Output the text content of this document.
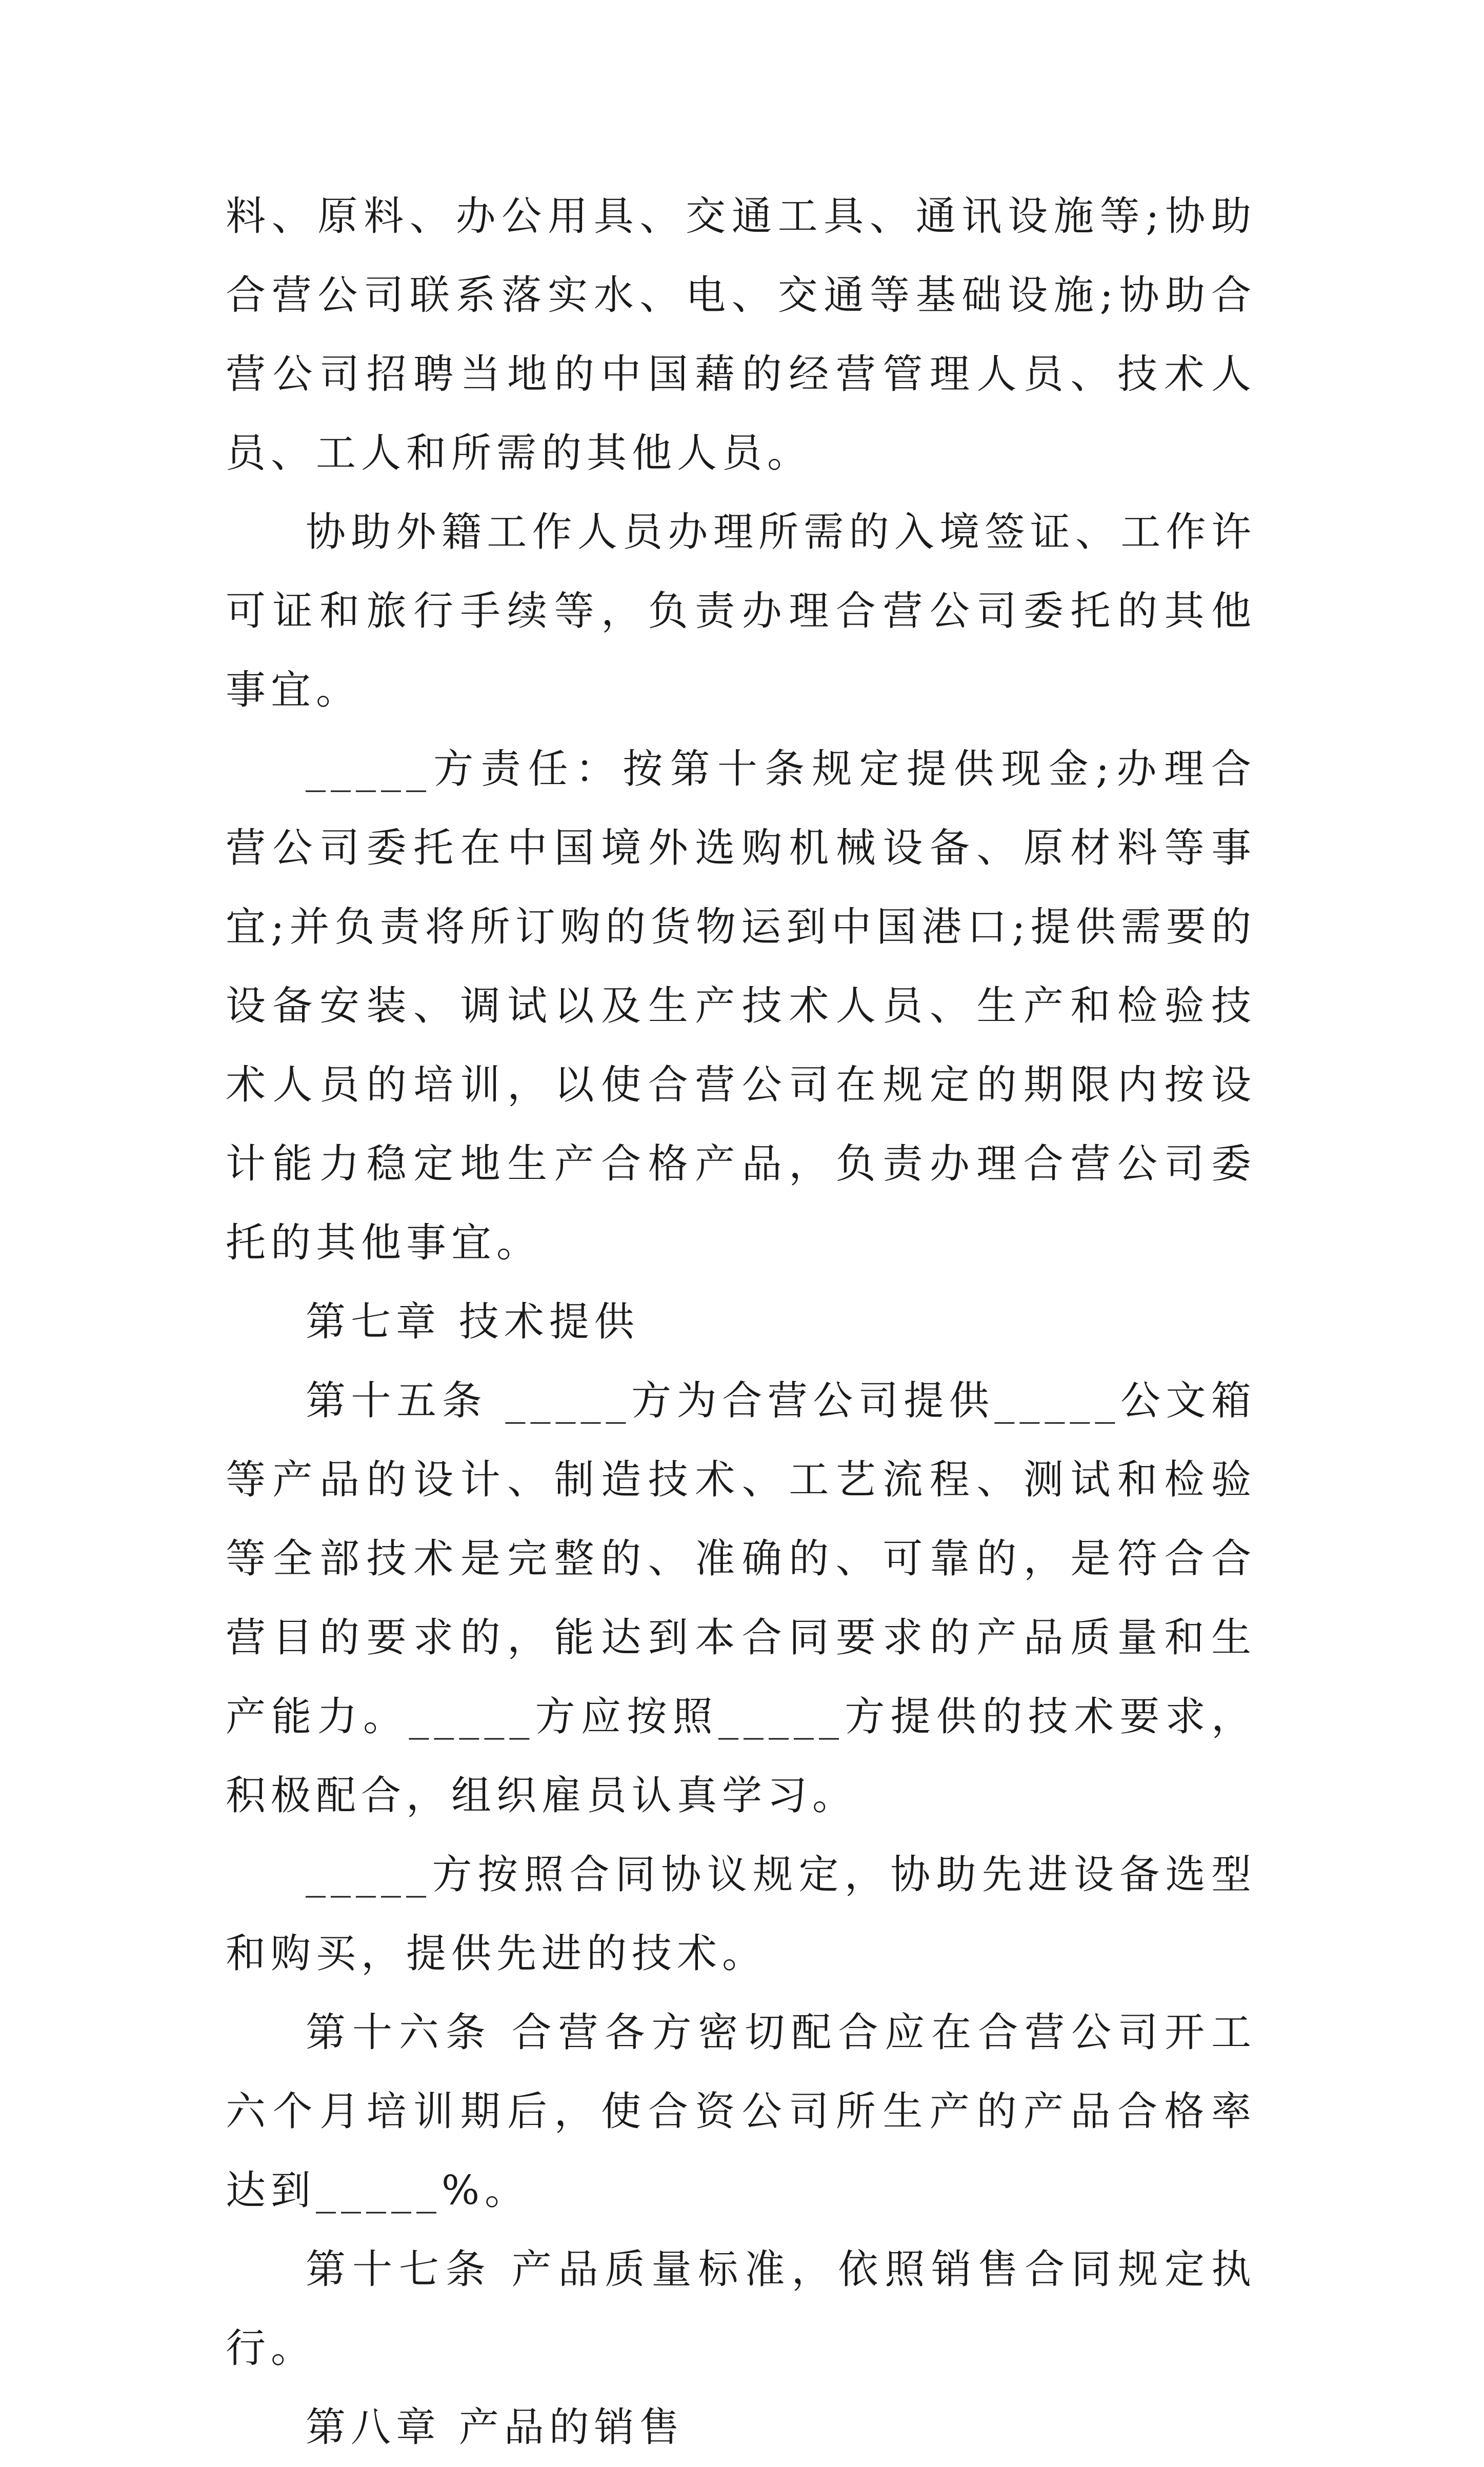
料、原料、办公用具、交通工具、通讯设施等;协助合营公司联系落实水、电、交通等基础设施;协助合营公司招聘当地的中国藉的经营管理人员、技术人员、工人和所需的其他人员。

协助外籍工作人员办理所需的入境签证、工作许可证和旅行手续等，负责办理合营公司委托的其他事宜。

_____方责任：按第十条规定提供现金;办理合营公司委托在中国境外选购机械设备、原材料等事宜;并负责将所订购的货物运到中国港口;提供需要的设备安装、调试以及生产技术人员、生产和检验技术人员的培训，以使合营公司在规定的期限内按设计能力稳定地生产合格产品，负责办理合营公司委托的其他事宜。

第七章 技术提供

第十五条 _____方为合营公司提供_____公文箱等产品的设计、制造技术、工艺流程、测试和检验等全部技术是完整的、准确的、可靠的，是符合合营目的要求的，能达到本合同要求的产品质量和生产能力。_____方应按照_____方提供的技术要求，积极配合，组织雇员认真学习。

_____方按照合同协议规定，协助先进设备选型和购买，提供先进的技术。

第十六条 合营各方密切配合应在合营公司开工六个月培训期后，使合资公司所生产的产品合格率达到_____%。

第十七条 产品质量标准，依照销售合同规定执行。

第八章 产品的销售
